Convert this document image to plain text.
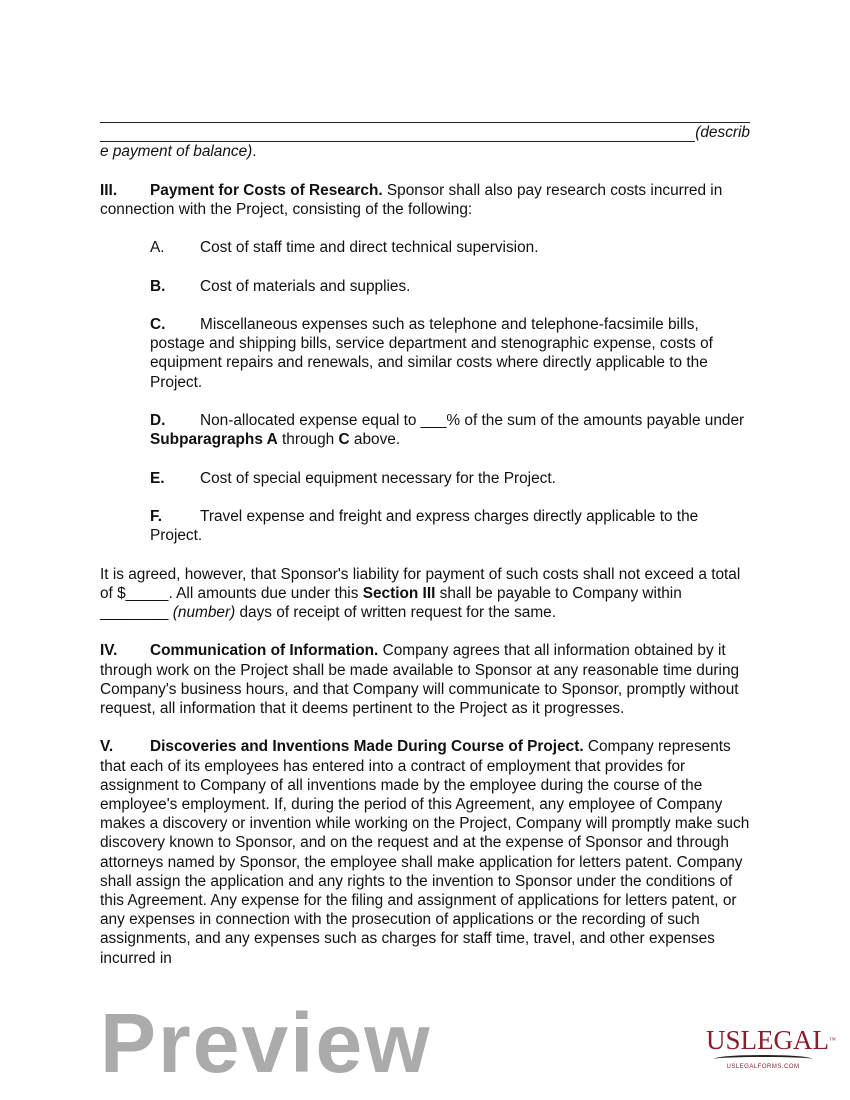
(describ

e payment of balance).

III. Payment for Costs of Research. Sponsor shall also pay research costs incurred in connection with the Project, consisting of the following:

A. Cost of staff time and direct technical supervision.

B. Cost of materials and supplies.

C. Miscellaneous expenses such as telephone and telephone-facsimile bills, postage and shipping bills, service department and stenographic expense, costs of equipment repairs and renewals, and similar costs where directly applicable to the Project.

D. Non-allocated expense equal to ___% of the sum of the amounts payable under Subparagraphs A through C above.

E. Cost of special equipment necessary for the Project.

F. Travel expense and freight and express charges directly applicable to the Project.

It is agreed, however, that Sponsor's liability for payment of such costs shall not exceed a total of $_____. All amounts due under this Section III shall be payable to Company within ________ (number) days of receipt of written request for the same.

IV. Communication of Information. Company agrees that all information obtained by it through work on the Project shall be made available to Sponsor at any reasonable time during Company's business hours, and that Company will communicate to Sponsor, promptly without request, all information that it deems pertinent to the Project as it progresses.

V. Discoveries and Inventions Made During Course of Project. Company represents that each of its employees has entered into a contract of employment that provides for assignment to Company of all inventions made by the employee during the course of the employee's employment. If, during the period of this Agreement, any employee of Company makes a discovery or invention while working on the Project, Company will promptly make such discovery known to Sponsor, and on the request and at the expense of Sponsor and through attorneys named by Sponsor, the employee shall make application for letters patent. Company shall assign the application and any rights to the invention to Sponsor under the conditions of this Agreement. Any expense for the filing and assignment of applications for letters patent, or any expenses in connection with the prosecution of applications or the recording of such assignments, and any expenses such as charges for staff time, travel, and other expenses incurred in

Preview	USLEGAL™
USLEGALFORMS.COM
